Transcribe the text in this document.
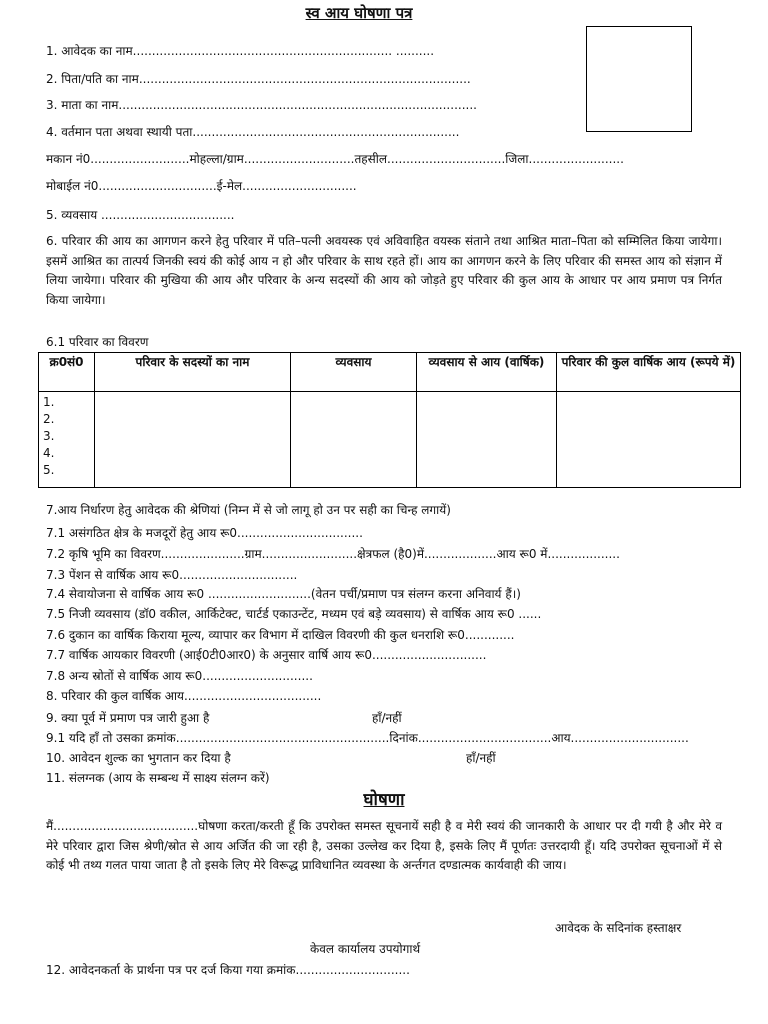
स्व आय घोषणा पत्र
1. आवेदक का नाम.................................................................... ..........
2. पिता/पति का नाम.......................................................................................
3. माता का नाम..............................................................................................
4. वर्तमान पता अथवा स्थायी पता......................................................................
मकान नं0..........................मोहल्ला/ग्राम.............................तहसील...............................जिला.........................
मोबाईल नं0...............................ई-मेल..............................
5. व्यवसाय ...................................
6. परिवार की आय का आगणन करने हेतु परिवार में पति–पत्नी अवयस्क एवं अविवाहित वयस्क संताने तथा आश्रित माता–पिता को सम्मिलित किया जायेगा। इसमें आश्रित का तात्पर्य जिनकी स्वयं की कोई आय न हो और परिवार के साथ रहते हों। आय का आगणन करने के लिए परिवार की समस्त आय को संज्ञान में लिया जायेगा। परिवार की मुखिया की आय और परिवार के अन्य सदस्यों की आय को जोड़ते हुए परिवार की कुल आय के आधार पर आय प्रमाण पत्र निर्गत किया जायेगा।
6.1 परिवार का विवरण
क्र0सं0	परिवार के सदस्यों का नाम	व्यवसाय	व्यवसाय से आय (वार्षिक)	परिवार की कुल वार्षिक आय (रूपये में)

1.
2.
3.
4.
5.				

7.आय निर्धारण हेतु आवेदक की श्रेणियां (निम्न में से जो लागू हो उन पर सही का चिन्ह लगायें)
7.1 असंगठित क्षेत्र के मजदूरों हेतु आय रू0.................................
7.2 कृषि भूमि का विवरण......................ग्राम.........................क्षेत्रफल (है0)में...................आय रू0 में...................
7.3 पेंशन से वार्षिक आय रू0...............................
7.4 सेवायोजना से वार्षिक आय रू0 ...........................(वेतन पर्ची/प्रमाण पत्र संलग्न करना अनिवार्य हैं।)
7.5 निजी व्यवसाय (डॉ0 वकील, आर्किटेक्ट, चार्टर्ड एकाउन्टेंट, मध्यम एवं बड़े व्यवसाय) से वार्षिक आय रू0 ......
7.6 दुकान का वार्षिक किराया मूल्य, व्यापार कर विभाग में दाखिल विवरणी की कुल धनराशि रू0.............
7.7 वार्षिक आयकार विवरणी (आई0टी0आर0) के अनुसार वार्षि आय रू0..............................
7.8 अन्य स्रोतों से वार्षिक आय रू0.............................
8. परिवार की कुल वार्षिक आय....................................
9. क्या पूर्व में प्रमाण पत्र जारी हुआ है	हाँ/नहीं
9.1 यदि हाँ तो उसका क्रमांक........................................................दिनांक...................................आय...............................
10. आवेदन शुल्क का भुगतान कर दिया है	हाँ/नहीं
11. संलग्नक (आय के सम्बन्ध में साक्ष्य संलग्न करें)
घोषणा
मैं......................................घोषणा करता/करती हूँ कि उपरोक्त समस्त सूचनायें सही है व मेरी स्वयं की जानकारी के आधार पर दी गयी है और मेरे व मेरे परिवार द्वारा जिस श्रेणी/स्रोत से आय अर्जित की जा रही है, उसका उल्लेख कर दिया है, इसके लिए मैं पूर्णतः उत्तरदायी हूँ। यदि उपरोक्त सूचनाओं में से कोई भी तथ्य गलत पाया जाता है तो इसके लिए मेरे विरूद्ध प्राविधानित व्यवस्था के अर्न्तगत दण्डात्मक कार्यवाही की जाय।
आवेदक के सदिनांक हस्ताक्षर
केवल कार्यालय उपयोगार्थ
12. आवेदनकर्ता के प्रार्थना पत्र पर दर्ज किया गया क्रमांक..............................
